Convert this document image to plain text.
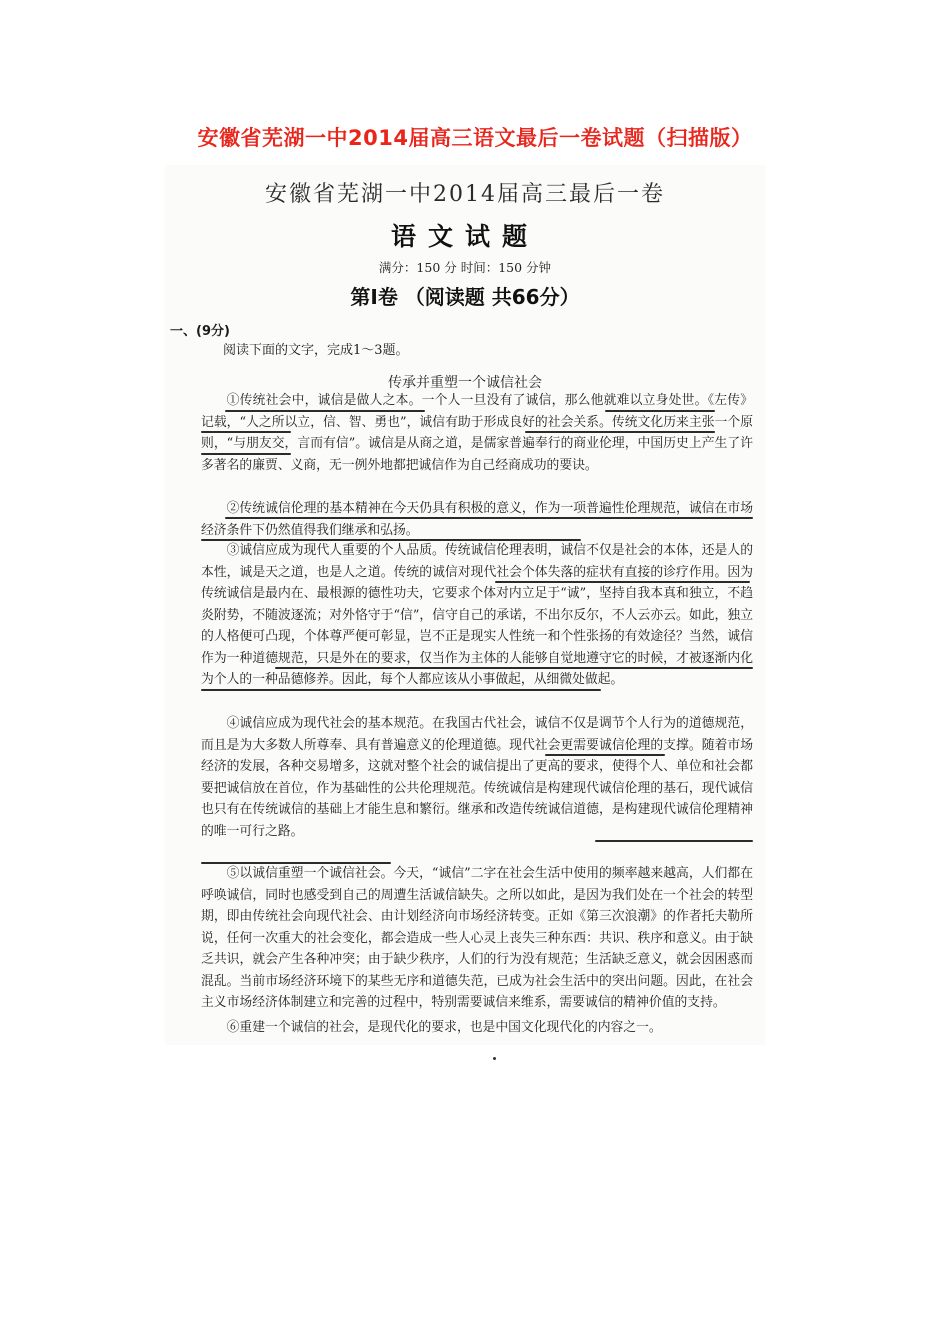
安徽省芜湖一中2014届高三语文最后一卷试题（扫描版）
安徽省芜湖一中2014届高三最后一卷
语文试题
满分：150 分 时间：150 分钟
第Ⅰ卷 （阅读题 共66分）
一、(9分)
阅读下面的文字，完成1～3题。
传承并重塑一个诚信社会

①传统社会中，诚信是做人之本。一个人一旦没有了诚信，那么他就难以立身处世。《左传》记载，“人之所以立，信、智、勇也”，诚信有助于形成良好的社会关系。传统文化历来主张一个原则，“与朋友交，言而有信”。诚信是从商之道，是儒家普遍奉行的商业伦理，中国历史上产生了许多著名的廉贾、义商，无一例外地都把诚信作为自己经商成功的要诀。

②传统诚信伦理的基本精神在今天仍具有积极的意义，作为一项普遍性伦理规范，诚信在市场经济条件下仍然值得我们继承和弘扬。

③诚信应成为现代人重要的个人品质。传统诚信伦理表明，诚信不仅是社会的本体，还是人的本性，诚是天之道，也是人之道。传统的诚信对现代社会个体失落的症状有直接的诊疗作用。因为传统诚信是最内在、最根源的德性功夫，它要求个体对内立足于“诚”，坚持自我本真和独立，不趋炎附势，不随波逐流；对外恪守于“信”，信守自己的承诺，不出尔反尔，不人云亦云。如此，独立的人格便可凸现，个体尊严便可彰显，岂不正是现实人性统一和个性张扬的有效途径？当然，诚信作为一种道德规范，只是外在的要求，仅当作为主体的人能够自觉地遵守它的时候，才被逐渐内化为个人的一种品德修养。因此，每个人都应该从小事做起，从细微处做起。

④诚信应成为现代社会的基本规范。在我国古代社会，诚信不仅是调节个人行为的道德规范，而且是为大多数人所尊奉、具有普遍意义的伦理道德。现代社会更需要诚信伦理的支撑。随着市场经济的发展，各种交易增多，这就对整个社会的诚信提出了更高的要求，使得个人、单位和社会都要把诚信放在首位，作为基础性的公共伦理规范。传统诚信是构建现代诚信伦理的基石，现代诚信也只有在传统诚信的基础上才能生息和繁衍。继承和改造传统诚信道德，是构建现代诚信伦理精神的唯一可行之路。

⑤以诚信重塑一个诚信社会。今天，“诚信”二字在社会生活中使用的频率越来越高，人们都在呼唤诚信，同时也感受到自己的周遭生活诚信缺失。之所以如此，是因为我们处在一个社会的转型期，即由传统社会向现代社会、由计划经济向市场经济转变。正如《第三次浪潮》的作者托夫勒所说，任何一次重大的社会变化，都会造成一些人心灵上丧失三种东西：共识、秩序和意义。由于缺乏共识，就会产生各种冲突；由于缺少秩序，人们的行为没有规范；生活缺乏意义，就会因困惑而混乱。当前市场经济环境下的某些无序和道德失范，已成为社会生活中的突出问题。因此，在社会主义市场经济体制建立和完善的过程中，特别需要诚信来维系，需要诚信的精神价值的支持。

⑥重建一个诚信的社会，是现代化的要求，也是中国文化现代化的内容之一。
